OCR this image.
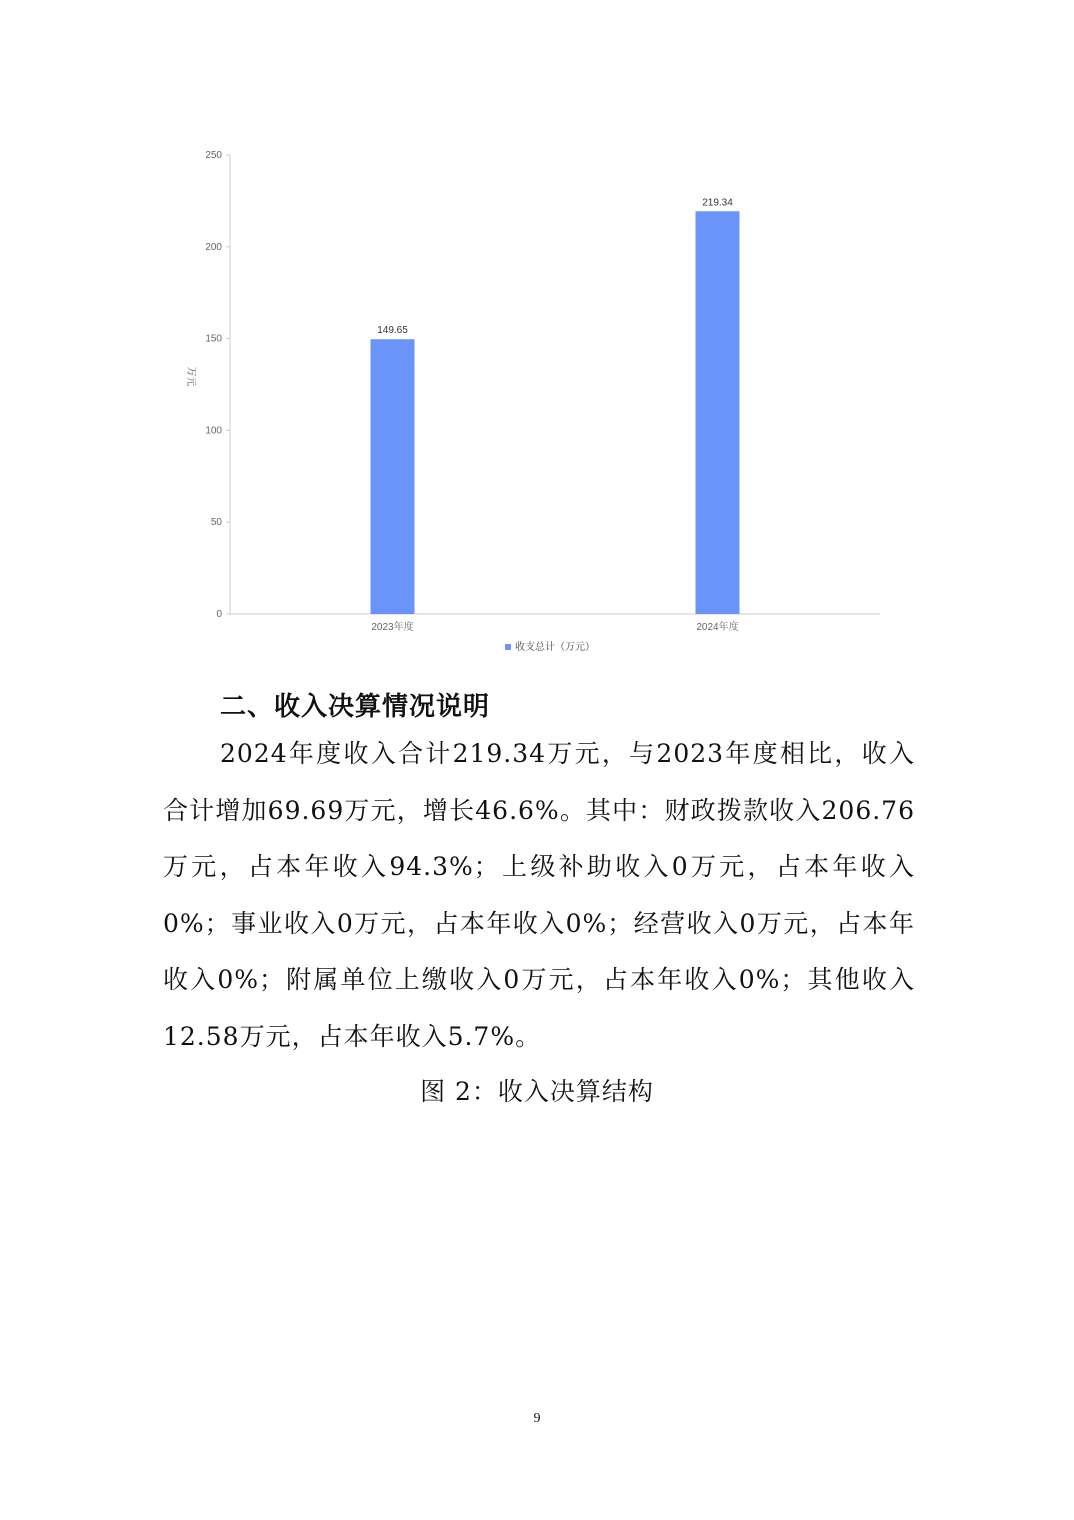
万元
0
50
100
150
200
250
149.65
219.34
2023年度	2024年度
收支总计（万元）
二、收入决算情况说明

2024年度收入合计219.34万元，与2023年度相比，收入合计增加69.69万元，增长46.6%。其中：财政拨款收入206.76万元，占本年收入94.3%；上级补助收入0万元，占本年收入0%；事业收入0万元，占本年收入0%；经营收入0万元，占本年收入0%；附属单位上缴收入0万元，占本年收入0%；其他收入12.58万元，占本年收入5.7%。

图 2：收入决算结构
9
